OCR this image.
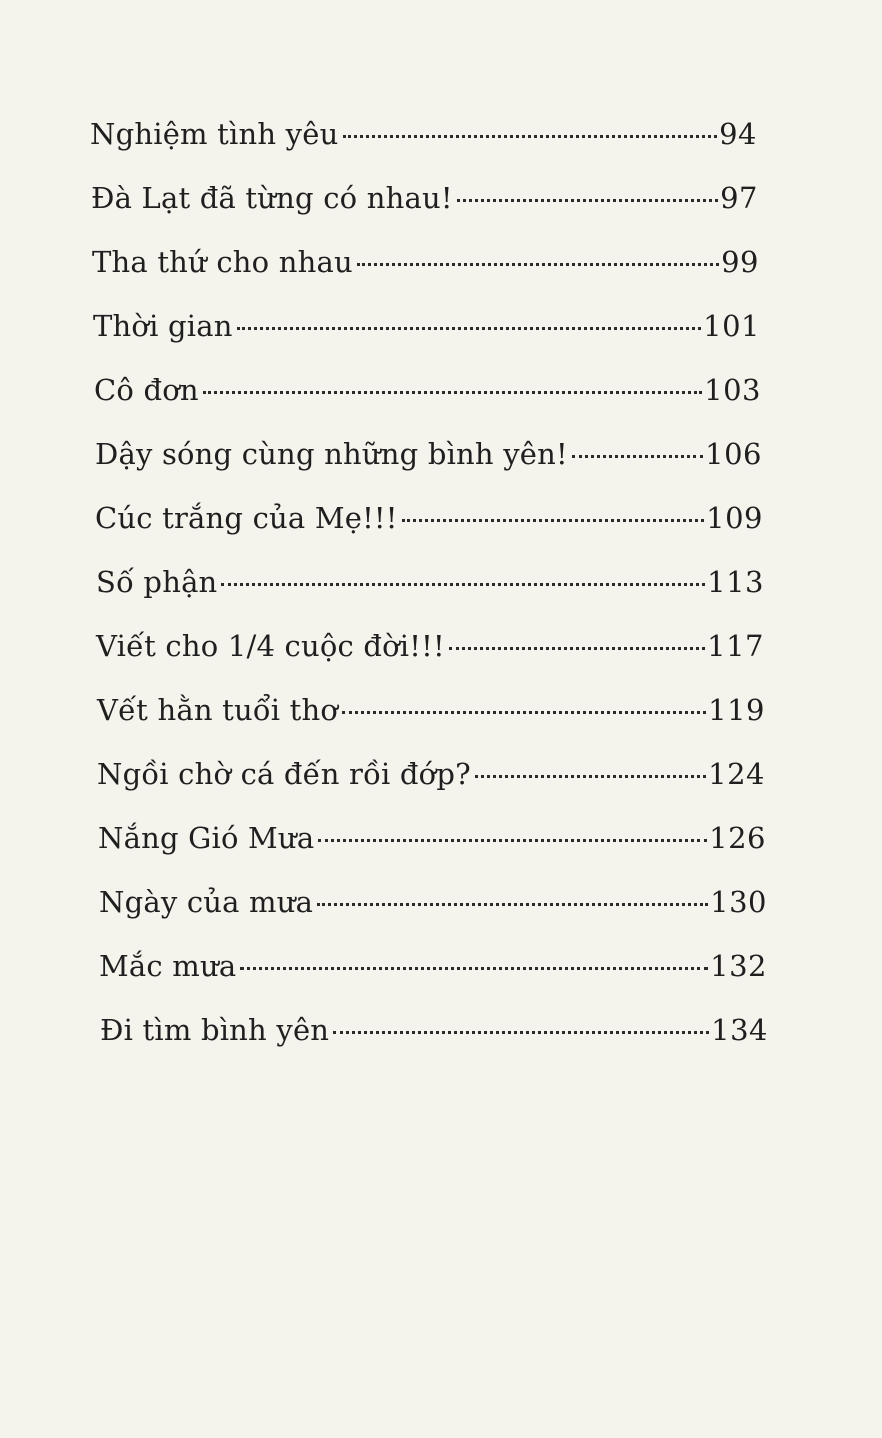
Nghiệm tình yêu	94
Đà Lạt đã từng có nhau!	97
Tha thứ cho nhau	99
Thời gian	101
Cô đơn	103
Dậy sóng cùng những bình yên!	106
Cúc trắng của Mẹ!!!	109
Số phận	113
Viết cho 1/4 cuộc đời!!!	117
Vết hằn tuổi thơ	119
Ngồi chờ cá đến rồi đớp?	124
Nắng Gió Mưa	126
Ngày của mưa	130
Mắc mưa	132
Đi tìm bình yên	134
